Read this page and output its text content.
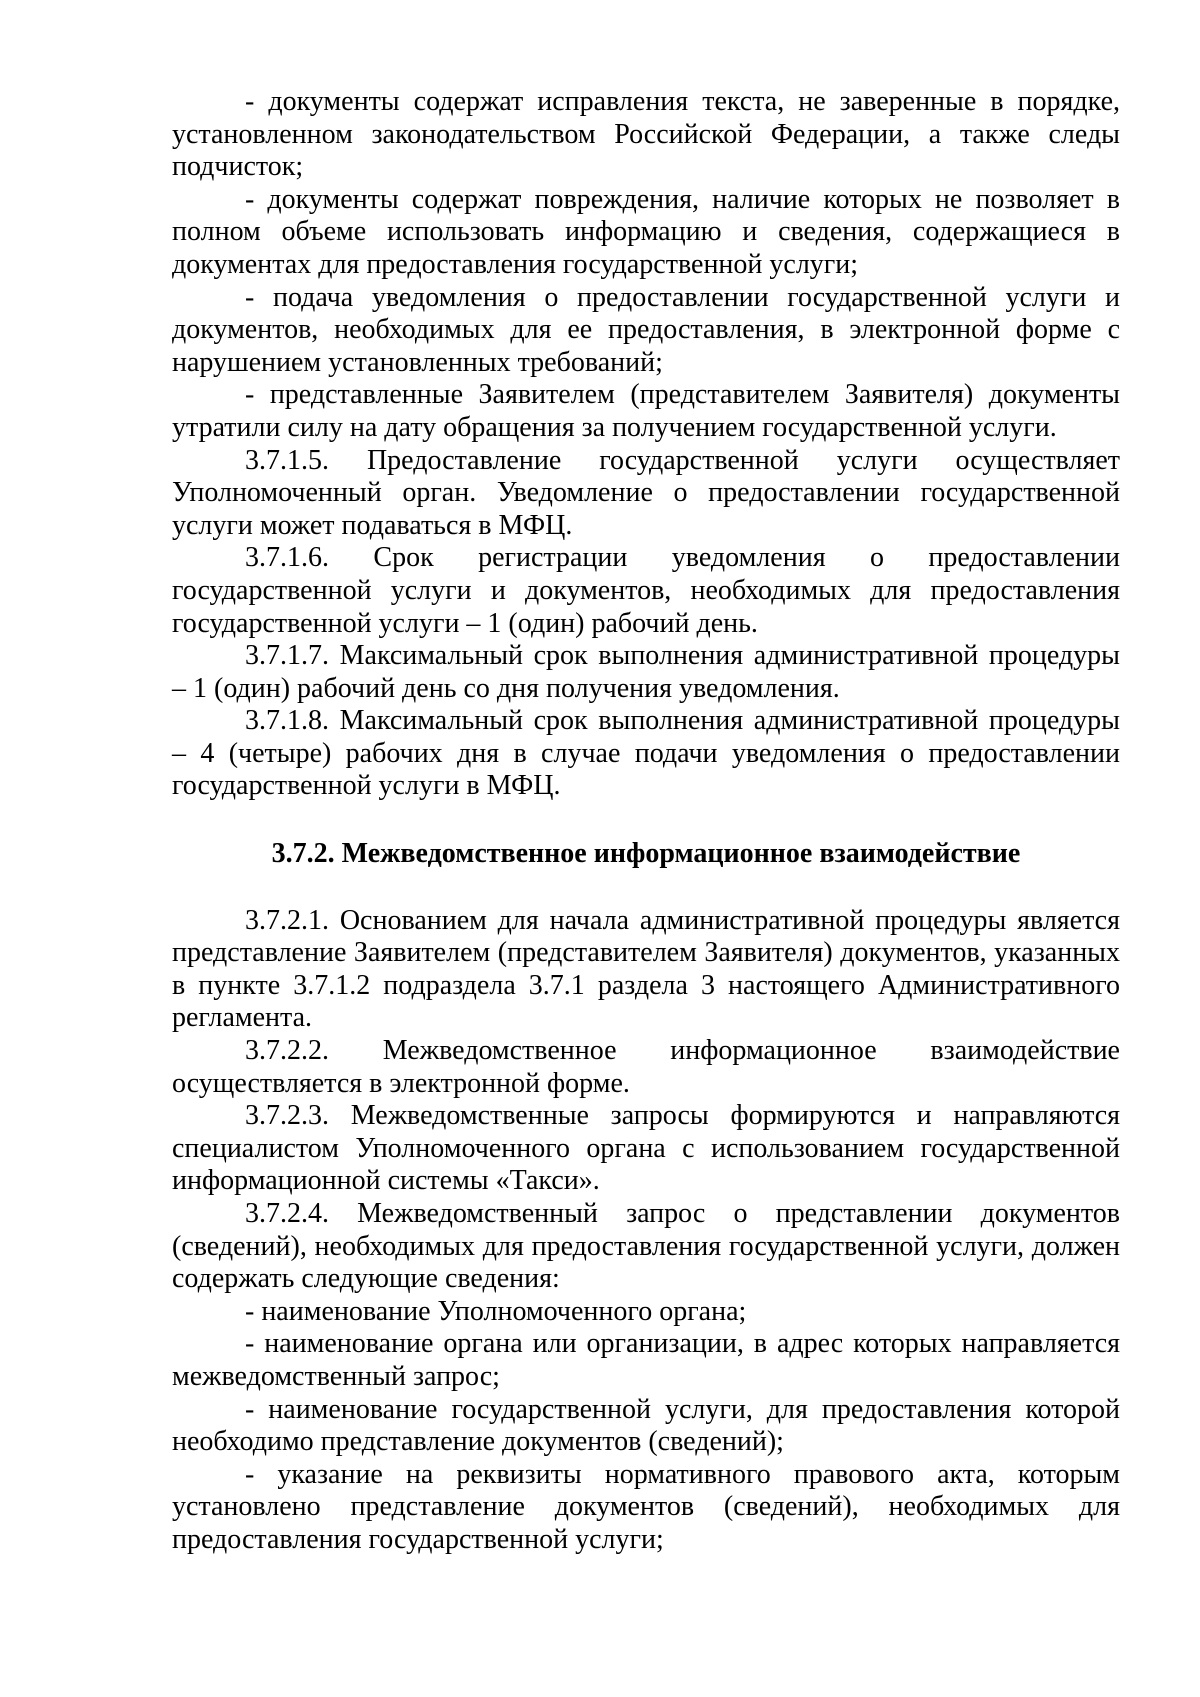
- документы содержат исправления текста, не заверенные в порядке, установленном законодательством Российской Федерации, а также следы подчисток;

- документы содержат повреждения, наличие которых не позволяет в полном объеме использовать информацию и сведения, содержащиеся в документах для предоставления государственной услуги;

- подача уведомления о предоставлении государственной услуги и документов, необходимых для ее предоставления, в электронной форме с нарушением установленных требований;

- представленные Заявителем (представителем Заявителя) документы утратили силу на дату обращения за получением государственной услуги.

3.7.1.5. Предоставление государственной услуги осуществляет Уполномоченный орган. Уведомление о предоставлении государственной услуги может подаваться в МФЦ.

3.7.1.6. Срок регистрации уведомления о предоставлении государственной услуги и документов, необходимых для предоставления государственной услуги – 1 (один) рабочий день.

3.7.1.7. Максимальный срок выполнения административной процедуры – 1 (один) рабочий день со дня получения уведомления.

3.7.1.8. Максимальный срок выполнения административной процедуры – 4 (четыре) рабочих дня в случае подачи уведомления о предоставлении государственной услуги в МФЦ.

3.7.2. Межведомственное информационное взаимодействие

3.7.2.1. Основанием для начала административной процедуры является представление Заявителем (представителем Заявителя) документов, указанных в пункте 3.7.1.2 подраздела 3.7.1 раздела 3 настоящего Административного регламента.

3.7.2.2. Межведомственное информационное взаимодействие осуществляется в электронной форме.

3.7.2.3. Межведомственные запросы формируются и направляются специалистом Уполномоченного органа с использованием государственной информационной системы «Такси».

3.7.2.4. Межведомственный запрос о представлении документов (сведений), необходимых для предоставления государственной услуги, должен содержать следующие сведения:

- наименование Уполномоченного органа;

- наименование органа или организации, в адрес которых направляется межведомственный запрос;

- наименование государственной услуги, для предоставления которой необходимо представление документов (сведений);

- указание на реквизиты нормативного правового акта, которым установлено представление документов (сведений), необходимых для предоставления государственной услуги;
